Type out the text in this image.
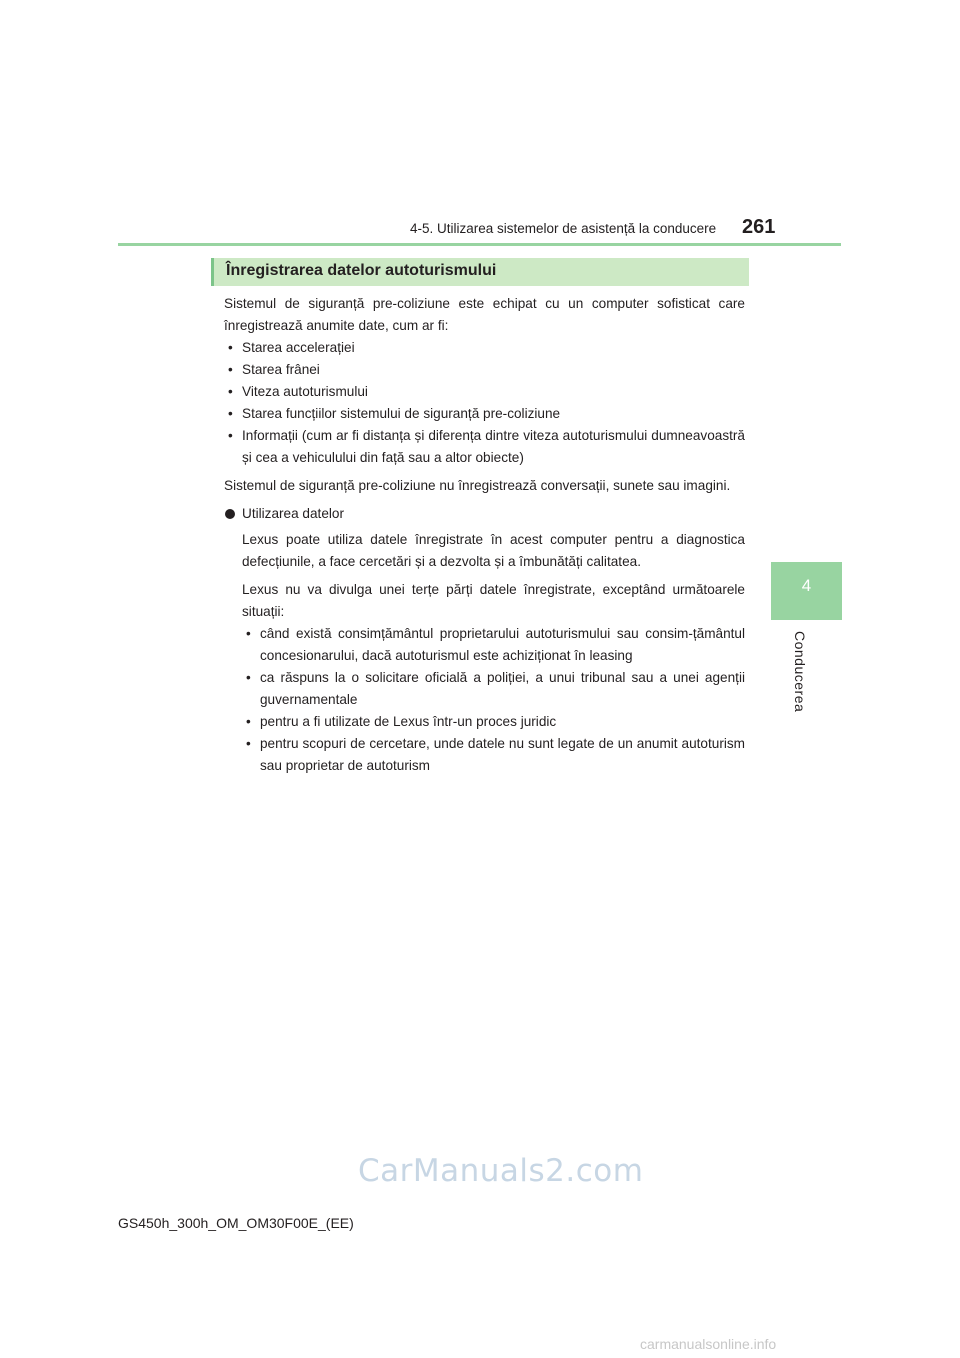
4-5. Utilizarea sistemelor de asistență la conducere 261
4
Conducerea
Înregistrarea datelor autoturismului

Sistemul de siguranță pre-coliziune este echipat cu un computer sofisticat care înregistrează anumite date, cum ar fi:

• Starea accelerației
• Starea frânei
• Viteza autoturismului
• Starea funcțiilor sistemului de siguranță pre-coliziune
• Informații (cum ar fi distanța și diferența dintre viteza autoturismului dumneavoastră și cea a vehiculului din față sau a altor obiecte)

Sistemul de siguranță pre-coliziune nu înregistrează conversații, sunete sau imagini.

Utilizarea datelor

Lexus poate utiliza datele înregistrate în acest computer pentru a diagnostica defecțiunile, a face cercetări și a dezvolta și a îmbunătăți calitatea.

Lexus nu va divulga unei terțe părți datele înregistrate, exceptând următoarele situații:

• când există consimțământul proprietarului autoturismului sau consim-țământul concesionarului, dacă autoturismul este achiziționat în leasing
• ca răspuns la o solicitare oficială a poliției, a unui tribunal sau a unei agenții guvernamentale
• pentru a fi utilizate de Lexus într-un proces juridic
• pentru scopuri de cercetare, unde datele nu sunt legate de un anumit autoturism sau proprietar de autoturism
CarManuals2.com
GS450h_300h_OM_OM30F00E_(EE)
carmanualsonline.info
